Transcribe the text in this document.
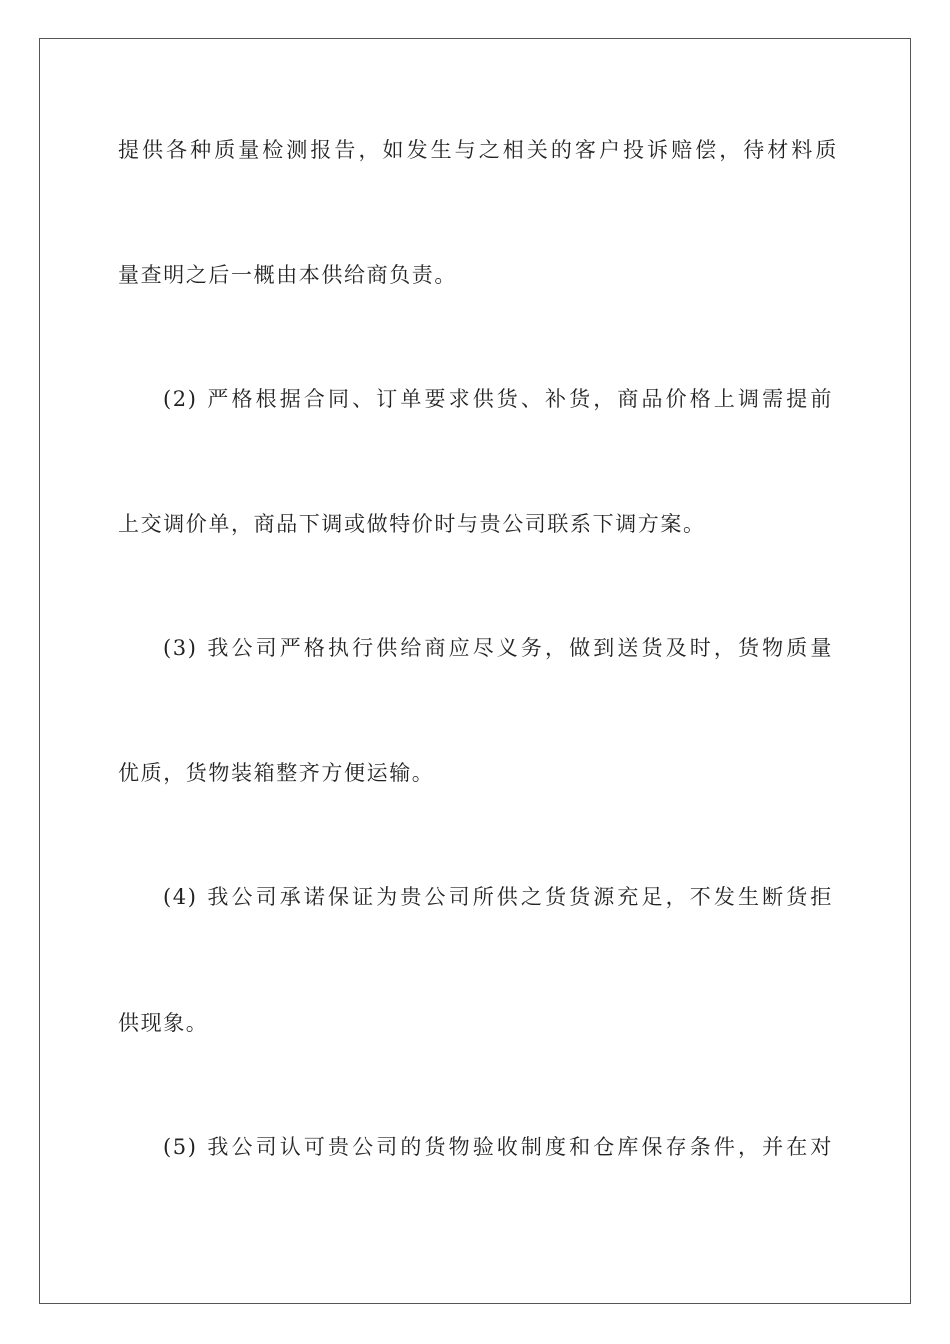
提供各种质量检测报告，如发生与之相关的客户投诉赔偿，待材料质
量查明之后一概由本供给商负责。
(2) 严格根据合同、订单要求供货、补货，商品价格上调需提前
上交调价单，商品下调或做特价时与贵公司联系下调方案。
(3) 我公司严格执行供给商应尽义务，做到送货及时，货物质量
优质，货物装箱整齐方便运输。
(4) 我公司承诺保证为贵公司所供之货货源充足，不发生断货拒
供现象。
(5) 我公司认可贵公司的货物验收制度和仓库保存条件，并在对
